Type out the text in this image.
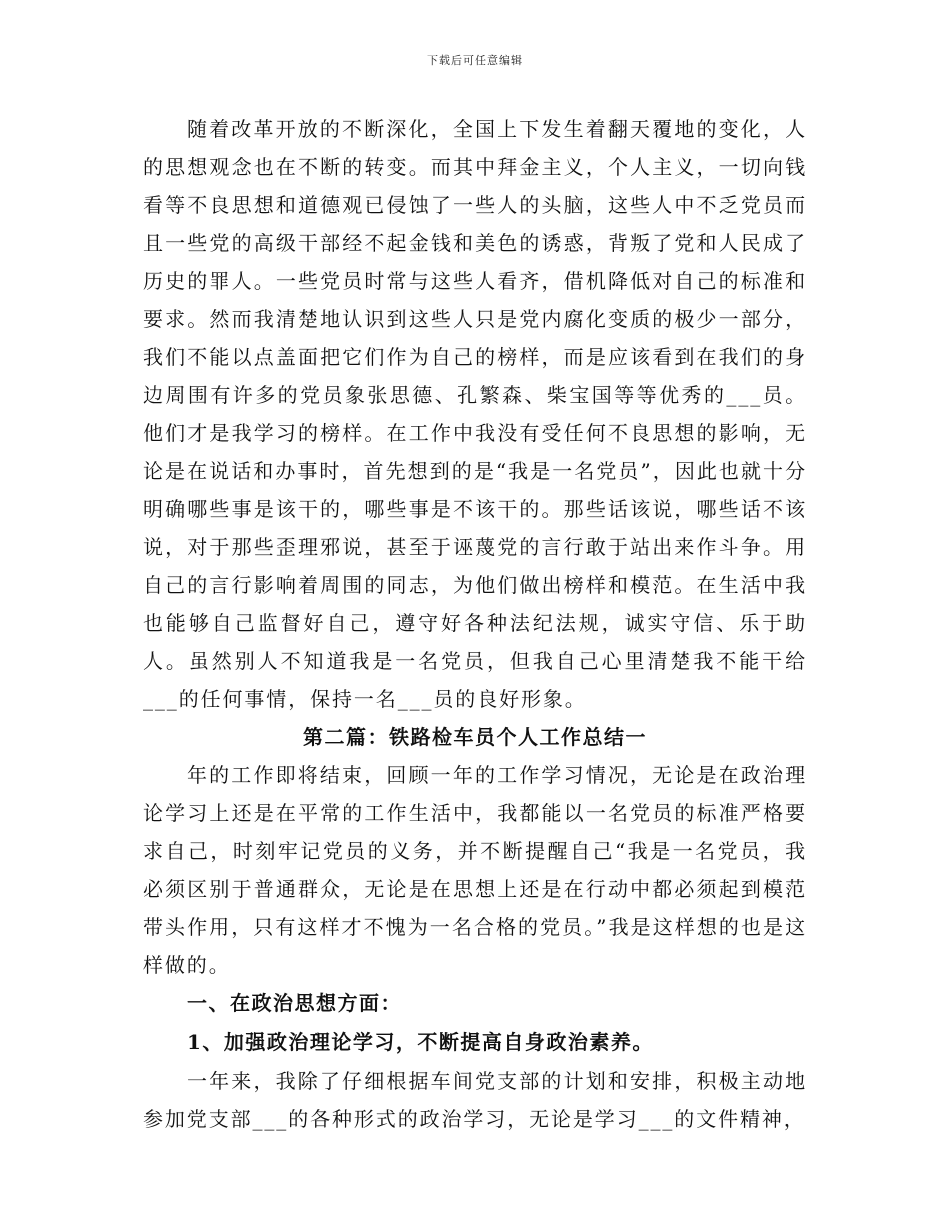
下载后可任意编辑

随着改革开放的不断深化，全国上下发生着翻天覆地的变化，人的思想观念也在不断的转变。而其中拜金主义，个人主义，一切向钱看等不良思想和道德观已侵蚀了一些人的头脑，这些人中不乏党员而且一些党的高级干部经不起金钱和美色的诱惑，背叛了党和人民成了历史的罪人。一些党员时常与这些人看齐，借机降低对自己的标准和要求。然而我清楚地认识到这些人只是党内腐化变质的极少一部分，我们不能以点盖面把它们作为自己的榜样，而是应该看到在我们的身边周围有许多的党员象张思德、孔繁森、柴宝国等等优秀的___员。他们才是我学习的榜样。在工作中我没有受任何不良思想的影响，无论是在说话和办事时，首先想到的是“我是一名党员”，因此也就十分明确哪些事是该干的，哪些事是不该干的。那些话该说，哪些话不该说，对于那些歪理邪说，甚至于诬蔑党的言行敢于站出来作斗争。用自己的言行影响着周围的同志，为他们做出榜样和模范。在生活中我也能够自己监督好自己，遵守好各种法纪法规，诚实守信、乐于助人。虽然别人不知道我是一名党员，但我自己心里清楚我不能干给___的任何事情，保持一名___员的良好形象。

第二篇：铁路检车员个人工作总结一

年的工作即将结束，回顾一年的工作学习情况，无论是在政治理论学习上还是在平常的工作生活中，我都能以一名党员的标准严格要求自己，时刻牢记党员的义务，并不断提醒自己“我是一名党员，我必须区别于普通群众，无论是在思想上还是在行动中都必须起到模范带头作用，只有这样才不愧为一名合格的党员。”我是这样想的也是这样做的。

一、在政治思想方面：

1、加强政治理论学习，不断提高自身政治素养。

一年来，我除了仔细根据车间党支部的计划和安排，积极主动地参加党支部___的各种形式的政治学习，无论是学习___的文件精神，
